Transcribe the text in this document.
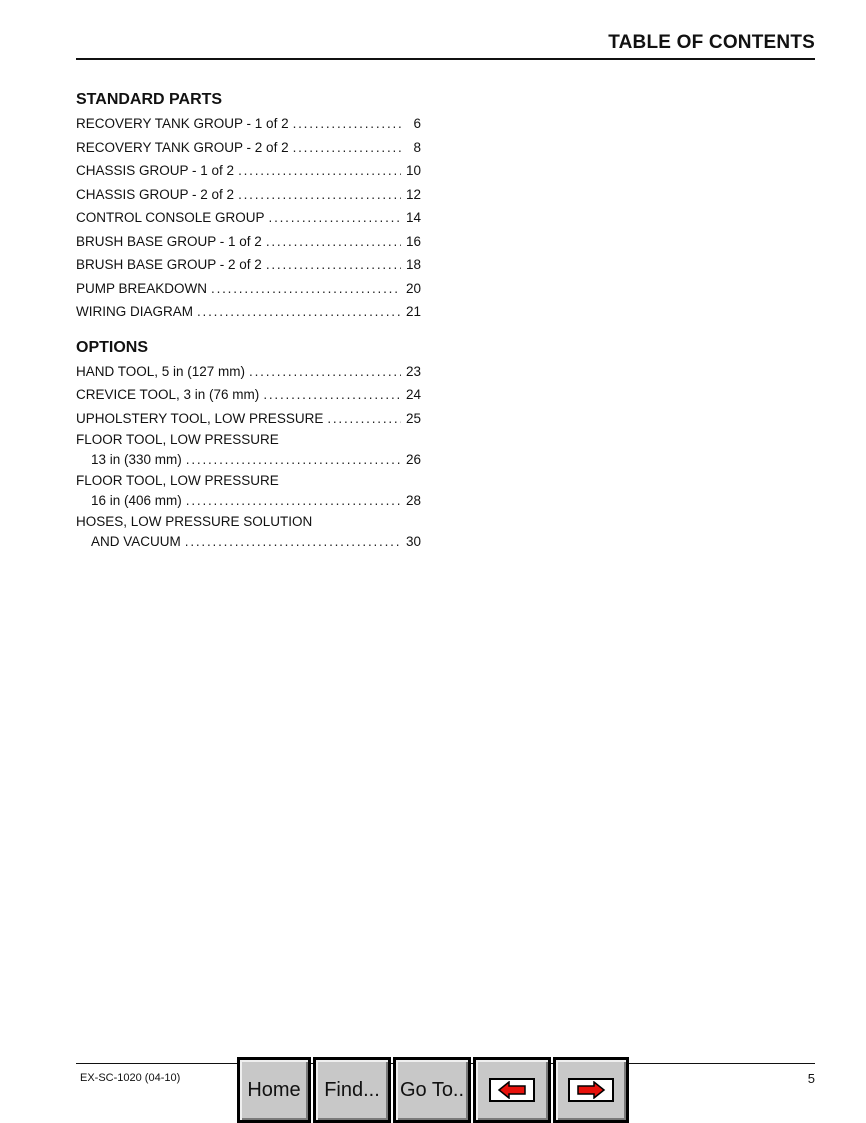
TABLE OF CONTENTS
STANDARD PARTS
RECOVERY TANK GROUP - 1 of 2 .....	6
RECOVERY TANK GROUP - 2 of 2 .....	8
CHASSIS GROUP - 1 of 2 .....	10
CHASSIS GROUP - 2 of 2 .....	12
CONTROL CONSOLE GROUP .....	14
BRUSH BASE GROUP - 1 of 2 .....	16
BRUSH BASE GROUP - 2 of 2 .....	18
PUMP BREAKDOWN .....	20
WIRING DIAGRAM .....	21
OPTIONS
HAND TOOL, 5 in (127 mm) .....	23
CREVICE TOOL, 3 in (76 mm) .....	24
UPHOLSTERY TOOL, LOW PRESSURE .....	25
FLOOR TOOL, LOW PRESSURE
13 in (330 mm) .....	26
FLOOR TOOL, LOW PRESSURE
16 in (406 mm) .....	28
HOSES, LOW PRESSURE SOLUTION
AND VACUUM .....	30
EX-SC-1020 (04-10)	5
Home	Find...	Go To..
